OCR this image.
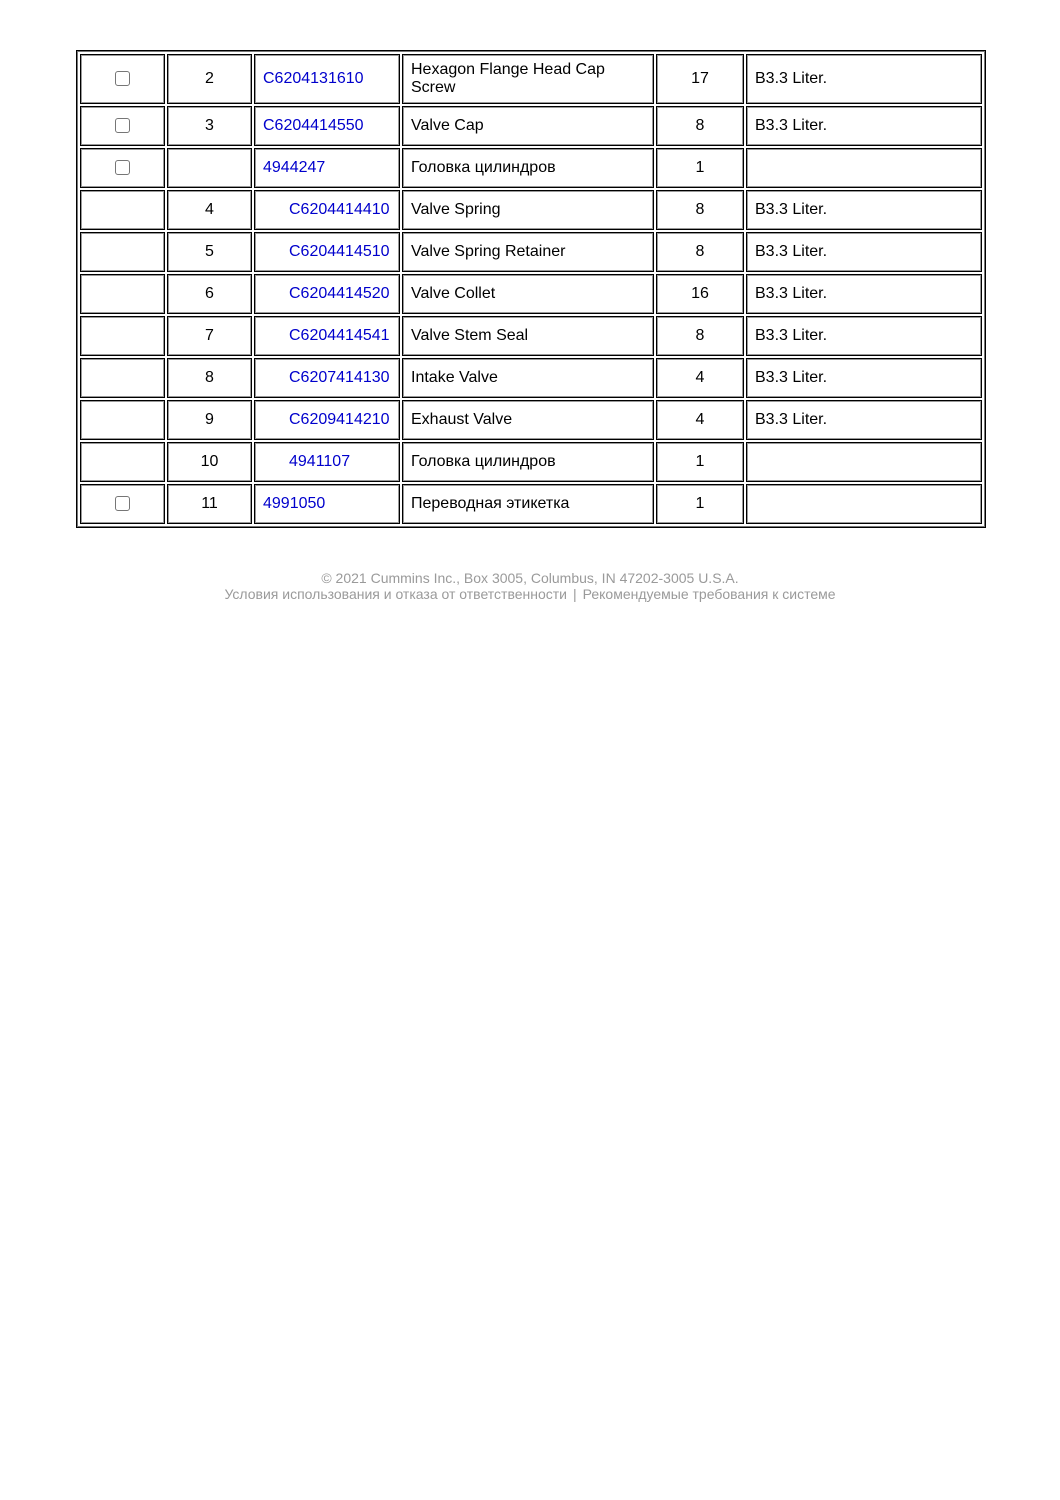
	2	C6204131610	Hexagon Flange Head Cap Screw	17	B3.3 Liter.
	3	C6204414550	Valve Cap	8	B3.3 Liter.
		4944247	Головка цилиндров	1	
	4	C6204414410	Valve Spring	8	B3.3 Liter.
	5	C6204414510	Valve Spring Retainer	8	B3.3 Liter.
	6	C6204414520	Valve Collet	16	B3.3 Liter.
	7	C6204414541	Valve Stem Seal	8	B3.3 Liter.
	8	C6207414130	Intake Valve	4	B3.3 Liter.
	9	C6209414210	Exhaust Valve	4	B3.3 Liter.
	10	4941107	Головка цилиндров	1	
	11	4991050	Переводная этикетка	1	
© 2021 Cummins Inc., Box 3005, Columbus, IN 47202-3005 U.S.A.
Условия использования и отказа от ответственности | Рекомендуемые требования к системе
